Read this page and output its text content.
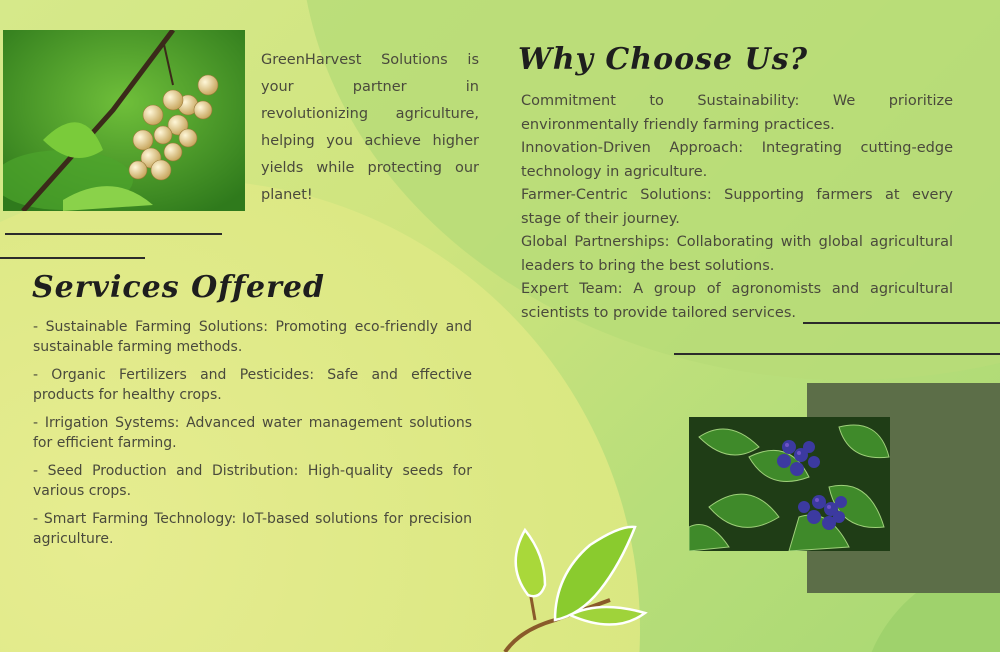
GreenHarvest Solutions is your partner in revolutionizing agriculture, helping you achieve higher yields while protecting our planet!
Services Offered
- Sustainable Farming Solutions: Promoting eco-friendly and sustainable farming methods.
- Organic Fertilizers and Pesticides: Safe and effective products for healthy crops.
- Irrigation Systems: Advanced water management solutions for efficient farming.
- Seed Production and Distribution: High-quality seeds for various crops.
- Smart Farming Technology: IoT-based solutions for precision agriculture.
Why Choose Us?
Commitment to Sustainability: We prioritize environmentally friendly farming practices.
Innovation-Driven Approach: Integrating cutting-edge technology in agriculture.
Farmer-Centric Solutions: Supporting farmers at every stage of their journey.
Global Partnerships: Collaborating with global agricultural leaders to bring the best solutions.
Expert Team: A group of agronomists and agricultural scientists to provide tailored services.
